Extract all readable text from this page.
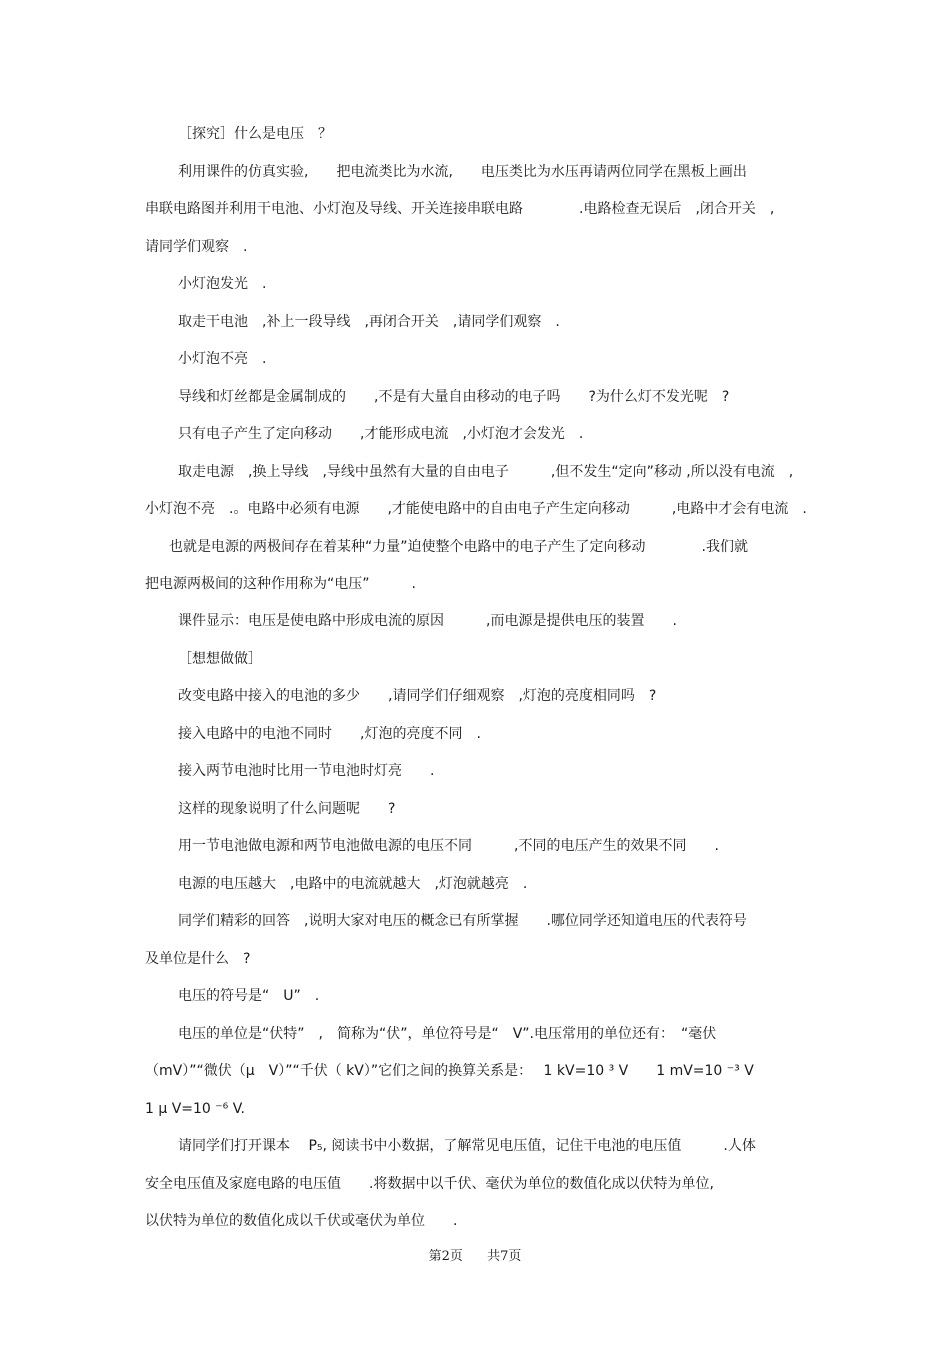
［探究］什么是电压　？

利用课件的仿真实验,　　把电流类比为水流,　　电压类比为水压再请两位同学在黑板上画出

串联电路图并利用干电池、小灯泡及导线、开关连接串联电路　　　　.电路检查无误后　,闭合开关　,

请同学们观察　.

小灯泡发光　.

取走干电池　,补上一段导线　,再闭合开关　,请同学们观察　.

小灯泡不亮　.

导线和灯丝都是金属制成的　　,不是有大量自由移动的电子吗　　?为什么灯不发光呢　?

只有电子产生了定向移动　　,才能形成电流　,小灯泡才会发光　.

取走电源　,换上导线　,导线中虽然有大量的自由电子　　　,但不发生“定向”移动 ,所以没有电流　,

小灯泡不亮　.。电路中必须有电源　　,才能使电路中的自由电子产生定向移动　　　,电路中才会有电流　.

也就是电源的两极间存在着某种“力量”迫使整个电路中的电子产生了定向移动　　　　.我们就

把电源两极间的这种作用称为“电压”　　　.

课件显示：电压是使电路中形成电流的原因　　　,而电源是提供电压的装置　　.

［想想做做］

改变电路中接入的电池的多少　　,请同学们仔细观察　,灯泡的亮度相同吗　?

接入电路中的电池不同时　　,灯泡的亮度不同　.

接入两节电池时比用一节电池时灯亮　　.

这样的现象说明了什么问题呢　　?

用一节电池做电源和两节电池做电源的电压不同　　　,不同的电压产生的效果不同　　.

电源的电压越大　,电路中的电流就越大　,灯泡就越亮　.

同学们精彩的回答　,说明大家对电压的概念已有所掌握　　.哪位同学还知道电压的代表符号

及单位是什么　?

电压的符号是“　U”　.

电压的单位是“伏特”　,　简称为“伏”，单位符号是“　V”.电压常用的单位还有：　“毫伏

（mV）”“微伏（μ　V）”“千伏（ kV）”它们之间的换算关系是：　 1 kV=10 ³ V　　1 mV=10 ⁻³ V

1 μ V=10 ⁻⁶ V.

请同学们打开课本　 P₅, 阅读书中小数据，了解常见电压值，记住干电池的电压值　　　.人体

安全电压值及家庭电路的电压值　　.将数据中以千伏、毫伏为单位的数值化成以伏特为单位,

以伏特为单位的数值化成以千伏或毫伏为单位　　.

第2页 共7页
